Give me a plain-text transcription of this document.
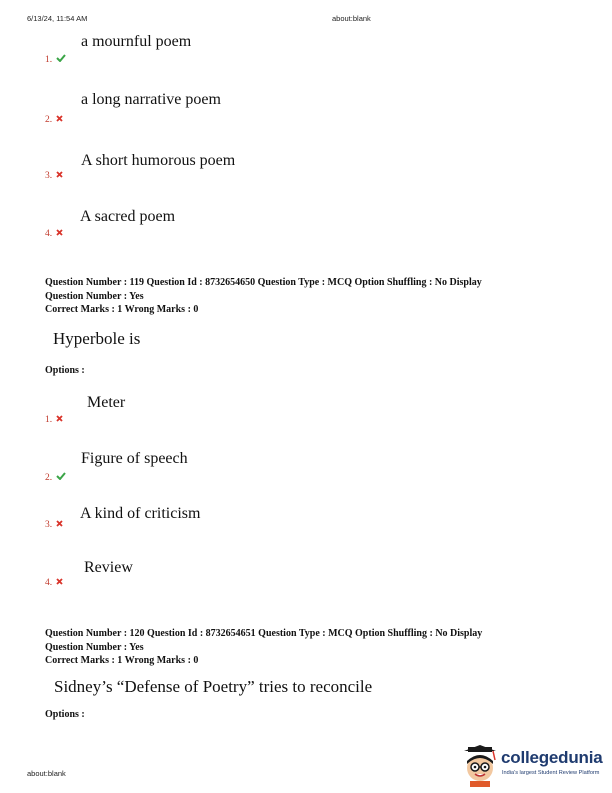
6/13/24, 11:54 AM	about:blank
a mournful poem
1.
a long narrative poem
2.
A short humorous poem
3.
A sacred poem
4.
Question Number : 119 Question Id : 8732654650 Question Type : MCQ Option Shuffling : No Display
Question Number : Yes
Correct Marks : 1 Wrong Marks : 0
Hyperbole is
Options :
Meter
1.
Figure of speech
2.
A kind of criticism
3.
Review
4.
Question Number : 120 Question Id : 8732654651 Question Type : MCQ Option Shuffling : No Display
Question Number : Yes
Correct Marks : 1 Wrong Marks : 0
Sidney’s “Defense of Poetry” tries to reconcile
Options :
about:blank
collegedunia
India's largest Student Review Platform
